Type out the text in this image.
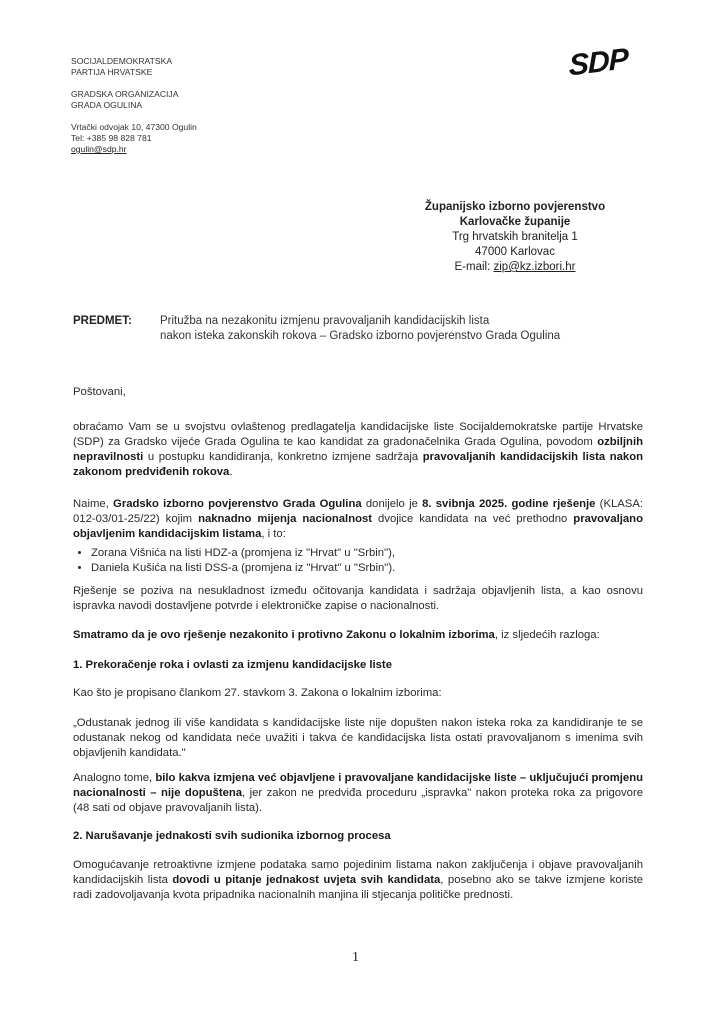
SOCIJALDEMOKRATSKA
PARTIJA HRVATSKE
GRADSKA ORGANIZACIJA
GRADA OGULINA
Vrtački odvojak 10, 47300 Ogulin
Tel: +385 98 828 781
ogulin@sdp.hr
SDP
Županijsko izborno povjerenstvo
Karlovačke županije
Trg hrvatskih branitelja 1
47000 Karlovac
E-mail: zip@kz.izbori.hr
PREDMET: Pritužba na nezakonitu izmjenu pravovaljanih kandidacijskih lista
nakon isteka zakonskih rokova – Gradsko izborno povjerenstvo Grada Ogulina
Poštovani,
obraćamo Vam se u svojstvu ovlaštenog predlagatelja kandidacijske liste Socijaldemokratske partije Hrvatske (SDP) za Gradsko vijeće Grada Ogulina te kao kandidat za gradonačelnika Grada Ogulina, povodom ozbiljnih nepravilnosti u postupku kandidiranja, konkretno izmjene sadržaja pravovaljanih kandidacijskih lista nakon zakonom predviđenih rokova.
Naime, Gradsko izborno povjerenstvo Grada Ogulina donijelo je 8. svibnja 2025. godine rješenje (KLASA: 012-03/01-25/22) kojim naknadno mijenja nacionalnost dvojice kandidata na već prethodno pravovaljano objavljenim kandidacijskim listama, i to:
• Zorana Višnića na listi HDZ-a (promjena iz "Hrvat" u "Srbin"),
• Daniela Kušića na listi DSS-a (promjena iz "Hrvat" u "Srbin").
Rješenje se poziva na nesukladnost između očitovanja kandidata i sadržaja objavljenih lista, a kao osnovu ispravka navodi dostavljene potvrde i elektroničke zapise o nacionalnosti.
Smatramo da je ovo rješenje nezakonito i protivno Zakonu o lokalnim izborima, iz sljedećih razloga:
1. Prekoračenje roka i ovlasti za izmjenu kandidacijske liste
Kao što je propisano člankom 27. stavkom 3. Zakona o lokalnim izborima:
„Odustanak jednog ili više kandidata s kandidacijske liste nije dopušten nakon isteka roka za kandidiranje te se odustanak nekog od kandidata neće uvažiti i takva će kandidacijska lista ostati pravovaljanom s imenima svih objavljenih kandidata."
Analogno tome, bilo kakva izmjena već objavljene i pravovaljane kandidacijske liste – uključujući promjenu nacionalnosti – nije dopuštena, jer zakon ne predviđa proceduru „ispravka" nakon proteka roka za prigovore (48 sati od objave pravovaljanih lista).
2. Narušavanje jednakosti svih sudionika izbornog procesa
Omogućavanje retroaktivne izmjene podataka samo pojedinim listama nakon zaključenja i objave pravovaljanih kandidacijskih lista dovodi u pitanje jednakost uvjeta svih kandidata, posebno ako se takve izmjene koriste radi zadovoljavanja kvota pripadnika nacionalnih manjina ili stjecanja političke prednosti.
1
